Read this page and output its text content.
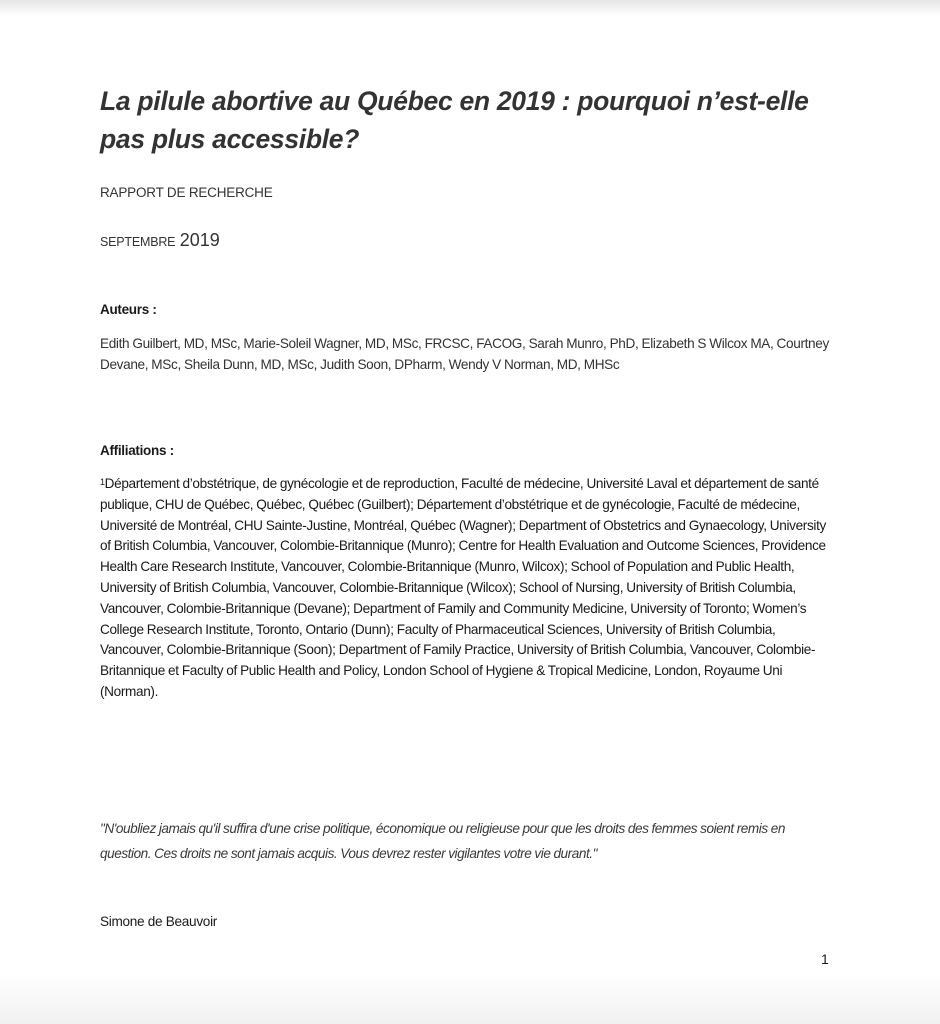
La pilule abortive au Québec en 2019 : pourquoi n’est-elle pas plus accessible?
RAPPORT DE RECHERCHE
SEPTEMBRE 2019
Auteurs :
Edith Guilbert, MD, MSc, Marie-Soleil Wagner, MD, MSc, FRCSC, FACOG, Sarah Munro, PhD, Elizabeth S Wilcox MA, Courtney Devane, MSc, Sheila Dunn, MD, MSc, Judith Soon, DPharm, Wendy V Norman, MD, MHSc
Affiliations :
$^1$Département d’obstétrique, de gynécologie et de reproduction, Faculté de médecine, Université Laval et département de santé publique, CHU de Québec, Québec, Québec (Guilbert); Département d’obstétrique et de gynécologie, Faculté de médecine, Université de Montréal, CHU Sainte-Justine, Montréal, Québec (Wagner); Department of Obstetrics and Gynaecology, University of British Columbia, Vancouver, Colombie-Britannique (Munro); Centre for Health Evaluation and Outcome Sciences, Providence Health Care Research Institute, Vancouver, Colombie-Britannique (Munro, Wilcox); School of Population and Public Health, University of British Columbia, Vancouver, Colombie-Britannique (Wilcox); School of Nursing, University of British Columbia, Vancouver, Colombie-Britannique (Devane); Department of Family and Community Medicine, University of Toronto; Women’s College Research Institute, Toronto, Ontario (Dunn); Faculty of Pharmaceutical Sciences, University of British Columbia, Vancouver, Colombie-Britannique (Soon); Department of Family Practice, University of British Columbia, Vancouver, Colombie-Britannique et Faculty of Public Health and Policy, London School of Hygiene & Tropical Medicine, London, Royaume Uni (Norman).
"N'oubliez jamais qu'il suffira d'une crise politique, économique ou religieuse pour que les droits des femmes soient remis en question. Ces droits ne sont jamais acquis. Vous devrez rester vigilantes votre vie durant."
Simone de Beauvoir
1
